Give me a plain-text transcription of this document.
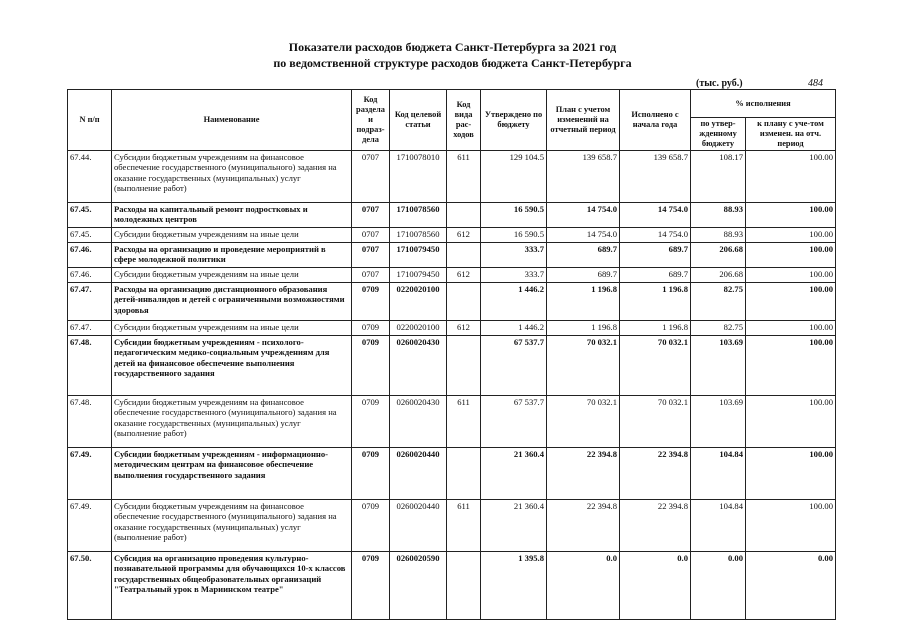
Показатели расходов бюджета Санкт-Петербурга за 2021 год
по ведомственной структуре расходов бюджета Санкт-Петербурга
(тыс. руб.)	484
N п/п	Наименование	Код раздела и подраз-дела	Код целевой статьи	Код вида рас-ходов	Утверждено по бюджету	План с учетом изменений на отчетный период	Исполнено с начала года	% исполнения	
								по утвер-жденному бюджету	к плану с уче-том изменен. на отч. период
67.44.	Субсидии бюджетным учреждениям на финансовое обеспечение государственного (муниципального) задания на оказание государственных (муниципальных) услуг (выполнение работ)	0707	1710078010	611	129 104.5	139 658.7	139 658.7	108.17	100.00
67.45.	Расходы на капитальный ремонт подростковых и молодежных центров	0707	1710078560		16 590.5	14 754.0	14 754.0	88.93	100.00
67.45.	Субсидии бюджетным учреждениям на иные цели	0707	1710078560	612	16 590.5	14 754.0	14 754.0	88.93	100.00
67.46.	Расходы на организацию и проведение мероприятий в сфере молодежной политики	0707	1710079450		333.7	689.7	689.7	206.68	100.00
67.46.	Субсидии бюджетным учреждениям на иные цели	0707	1710079450	612	333.7	689.7	689.7	206.68	100.00
67.47.	Расходы на организацию дистанционного образования детей-инвалидов и детей с ограниченными возможностями здоровья	0709	0220020100		1 446.2	1 196.8	1 196.8	82.75	100.00
67.47.	Субсидии бюджетным учреждениям на иные цели	0709	0220020100	612	1 446.2	1 196.8	1 196.8	82.75	100.00
67.48.	Субсидии бюджетным учреждениям - психолого-педагогическим медико-социальным учреждениям для детей на финансовое обеспечение выполнения государственного задания	0709	0260020430		67 537.7	70 032.1	70 032.1	103.69	100.00
67.48.	Субсидии бюджетным учреждениям на финансовое обеспечение государственного (муниципального) задания на оказание государственных (муниципальных) услуг (выполнение работ)	0709	0260020430	611	67 537.7	70 032.1	70 032.1	103.69	100.00
67.49.	Субсидии бюджетным учреждениям - информационно-методическим центрам на финансовое обеспечение выполнения государственного задания	0709	0260020440		21 360.4	22 394.8	22 394.8	104.84	100.00
67.49.	Субсидии бюджетным учреждениям на финансовое обеспечение государственного (муниципального) задания на оказание государственных (муниципальных) услуг (выполнение работ)	0709	0260020440	611	21 360.4	22 394.8	22 394.8	104.84	100.00
67.50.	Субсидия на организацию проведения культурно-познавательной программы для обучающихся 10-х классов государственных общеобразовательных организаций "Театральный урок в Мариинском театре"	0709	0260020590		1 395.8	0.0	0.0	0.00	0.00
